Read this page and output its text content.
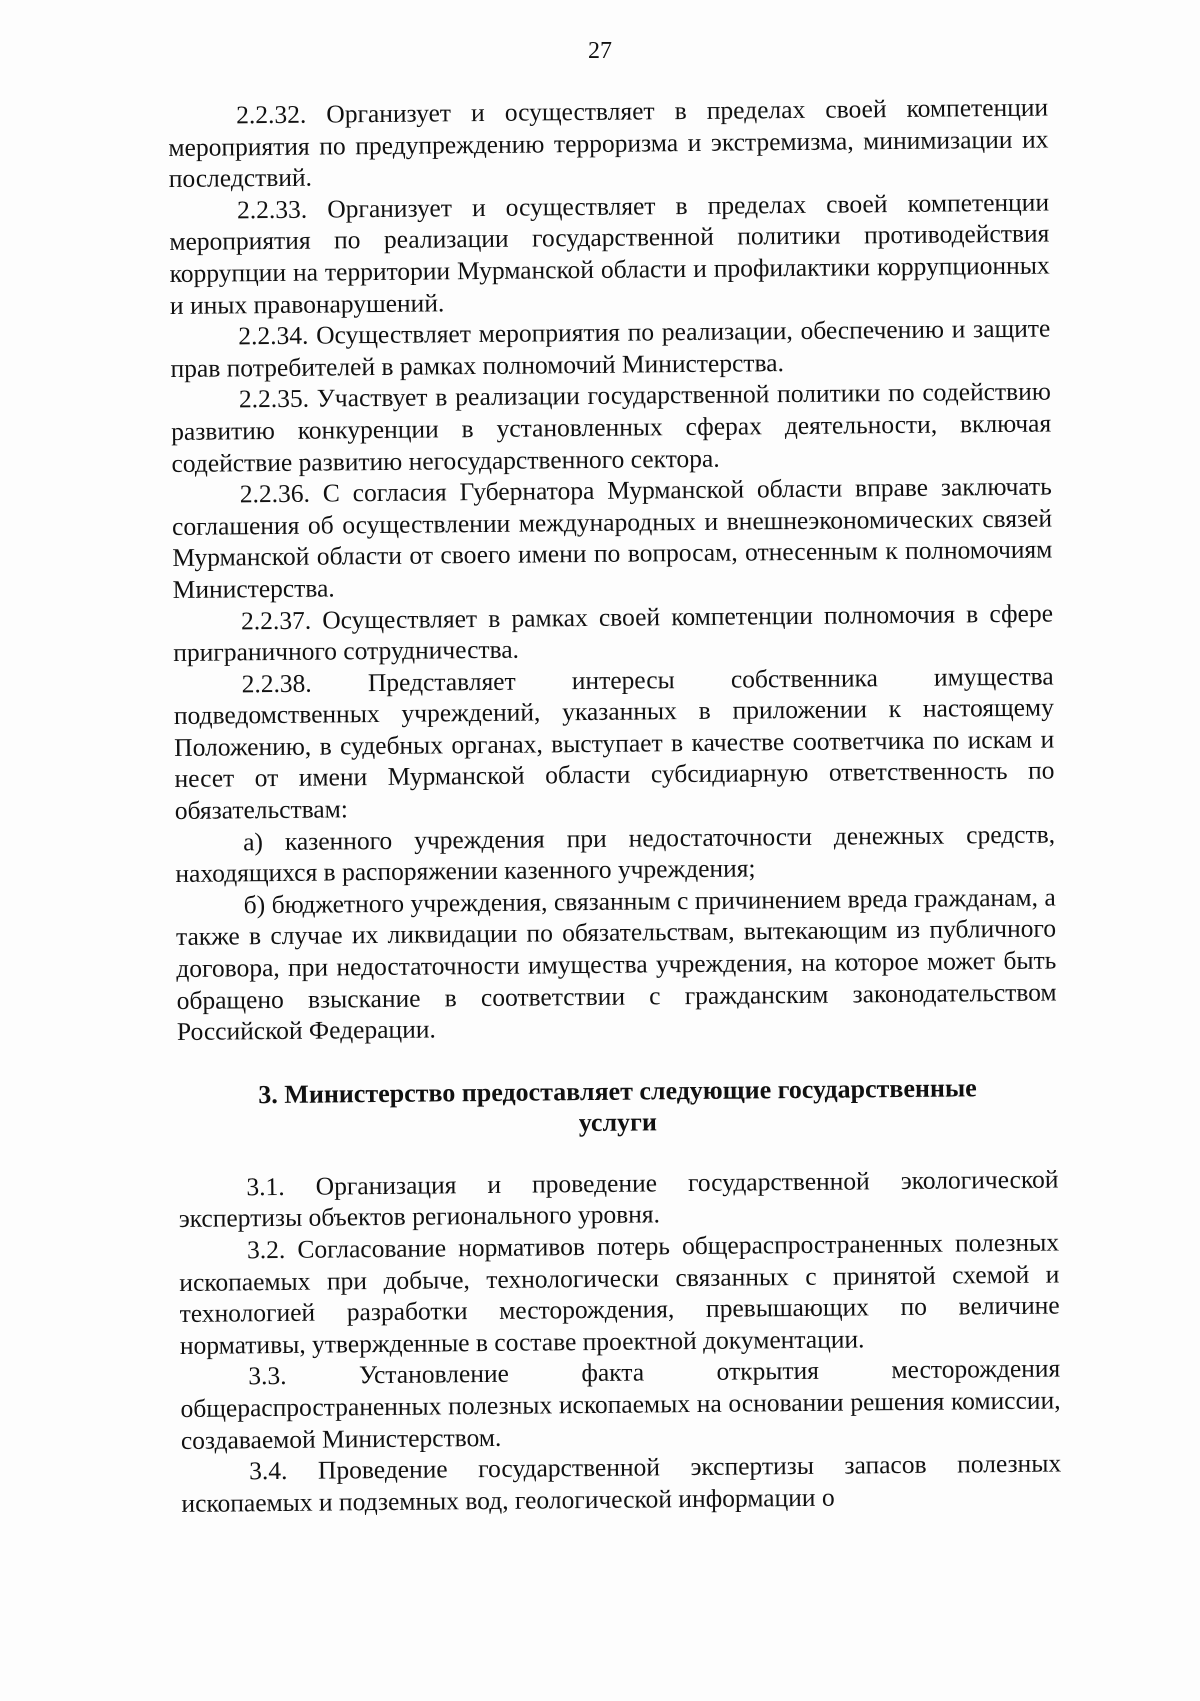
27

2.2.32. Организует и осуществляет в пределах своей компетенции мероприятия по предупреждению терроризма и экстремизма, минимизации их последствий.

2.2.33. Организует и осуществляет в пределах своей компетенции мероприятия по реализации государственной политики противодействия коррупции на территории Мурманской области и профилактики коррупционных и иных правонарушений.

2.2.34. Осуществляет мероприятия по реализации, обеспечению и защите прав потребителей в рамках полномочий Министерства.

2.2.35. Участвует в реализации государственной политики по содействию развитию конкуренции в установленных сферах деятельности, включая содействие развитию негосударственного сектора.

2.2.36. С согласия Губернатора Мурманской области вправе заключать соглашения об осуществлении международных и внешнеэкономических связей Мурманской области от своего имени по вопросам, отнесенным к полномочиям Министерства.

2.2.37. Осуществляет в рамках своей компетенции полномочия в сфере приграничного сотрудничества.

2.2.38. Представляет интересы собственника имущества подведомственных учреждений, указанных в приложении к настоящему Положению, в судебных органах, выступает в качестве соответчика по искам и несет от имени Мурманской области субсидиарную ответственность по обязательствам:

а) казенного учреждения при недостаточности денежных средств, находящихся в распоряжении казенного учреждения;

б) бюджетного учреждения, связанным с причинением вреда гражданам, а также в случае их ликвидации по обязательствам, вытекающим из публичного договора, при недостаточности имущества учреждения, на которое может быть обращено взыскание в соответствии с гражданским законодательством Российской Федерации.

3. Министерство предоставляет следующие государственные услуги

3.1. Организация и проведение государственной экологической экспертизы объектов регионального уровня.

3.2. Согласование нормативов потерь общераспространенных полезных ископаемых при добыче, технологически связанных с принятой схемой и технологией разработки месторождения, превышающих по величине нормативы, утвержденные в составе проектной документации.

3.3. Установление факта открытия месторождения общераспространенных полезных ископаемых на основании решения комиссии, создаваемой Министерством.

3.4. Проведение государственной экспертизы запасов полезных ископаемых и подземных вод, геологической информации о
